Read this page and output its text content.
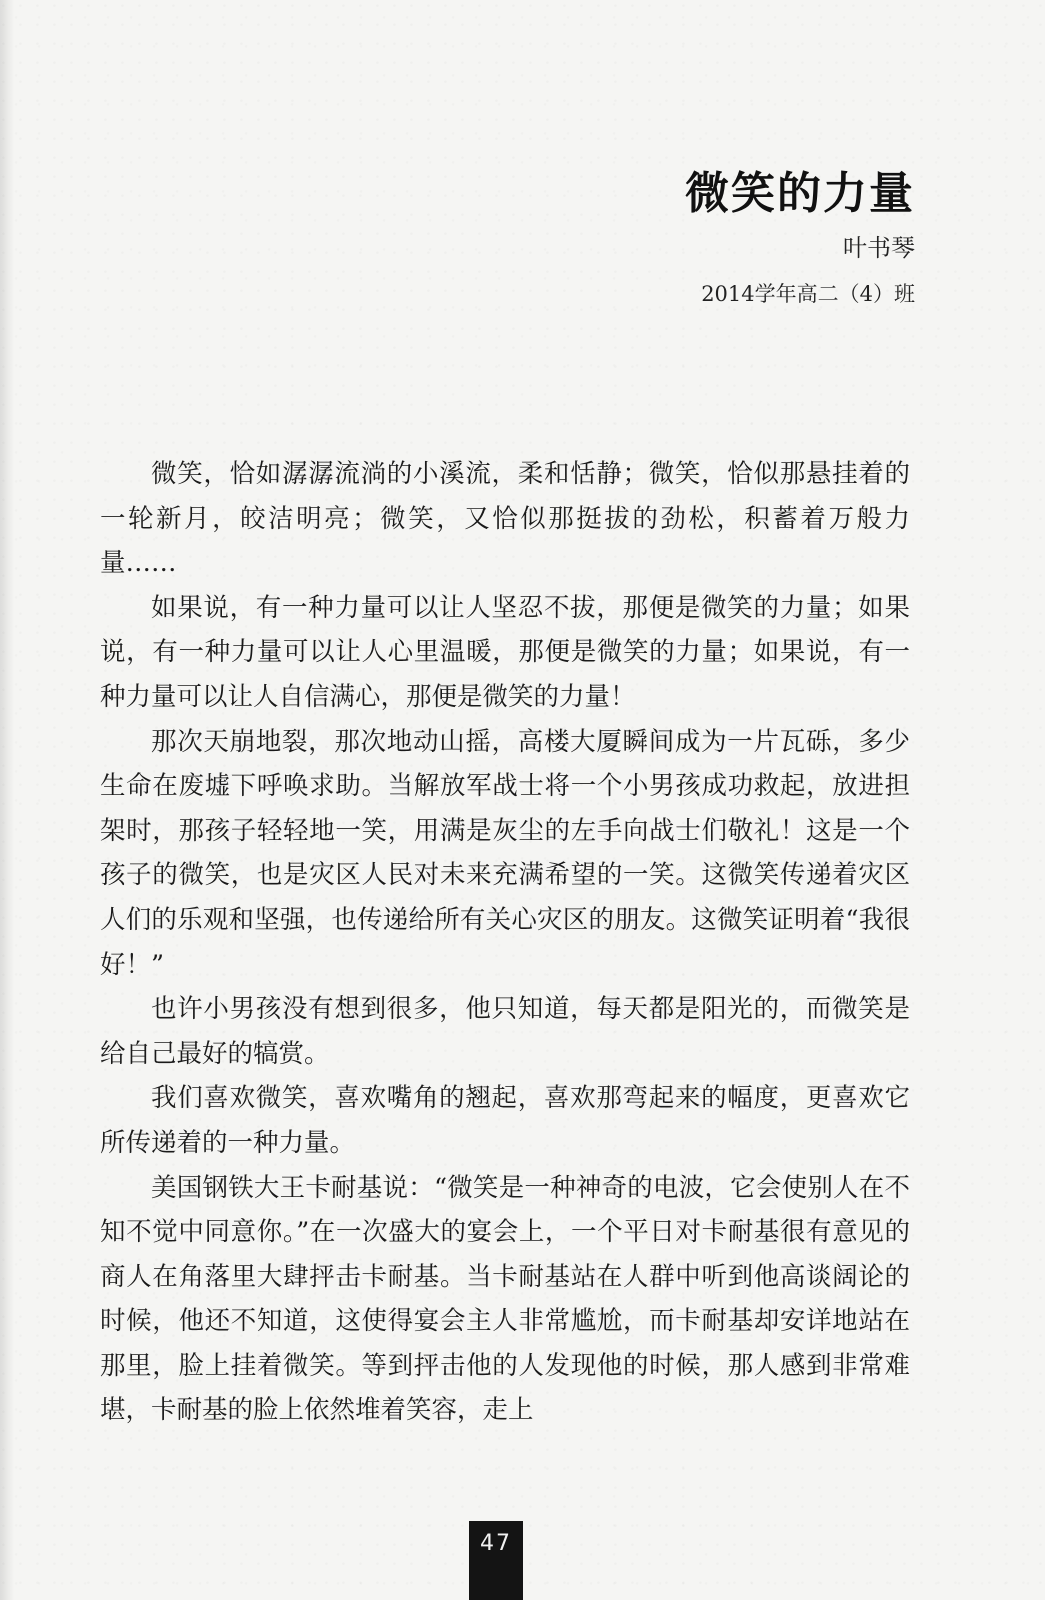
微笑的力量
叶书琴
2014学年高二（4）班

微笑，恰如潺潺流淌的小溪流，柔和恬静；微笑，恰似那悬挂着的一轮新月，皎洁明亮；微笑，又恰似那挺拔的劲松，积蓄着万般力量……

如果说，有一种力量可以让人坚忍不拔，那便是微笑的力量；如果说，有一种力量可以让人心里温暖，那便是微笑的力量；如果说，有一种力量可以让人自信满心，那便是微笑的力量！

那次天崩地裂，那次地动山摇，高楼大厦瞬间成为一片瓦砾，多少生命在废墟下呼唤求助。当解放军战士将一个小男孩成功救起，放进担架时，那孩子轻轻地一笑，用满是灰尘的左手向战士们敬礼！这是一个孩子的微笑，也是灾区人民对未来充满希望的一笑。这微笑传递着灾区人们的乐观和坚强，也传递给所有关心灾区的朋友。这微笑证明着“我很好！”

也许小男孩没有想到很多，他只知道，每天都是阳光的，而微笑是给自己最好的犒赏。

我们喜欢微笑，喜欢嘴角的翘起，喜欢那弯起来的幅度，更喜欢它所传递着的一种力量。

美国钢铁大王卡耐基说：“微笑是一种神奇的电波，它会使别人在不知不觉中同意你。”在一次盛大的宴会上，一个平日对卡耐基很有意见的商人在角落里大肆抨击卡耐基。当卡耐基站在人群中听到他高谈阔论的时候，他还不知道，这使得宴会主人非常尴尬，而卡耐基却安详地站在那里，脸上挂着微笑。等到抨击他的人发现他的时候，那人感到非常难堪，卡耐基的脸上依然堆着笑容，走上

47
